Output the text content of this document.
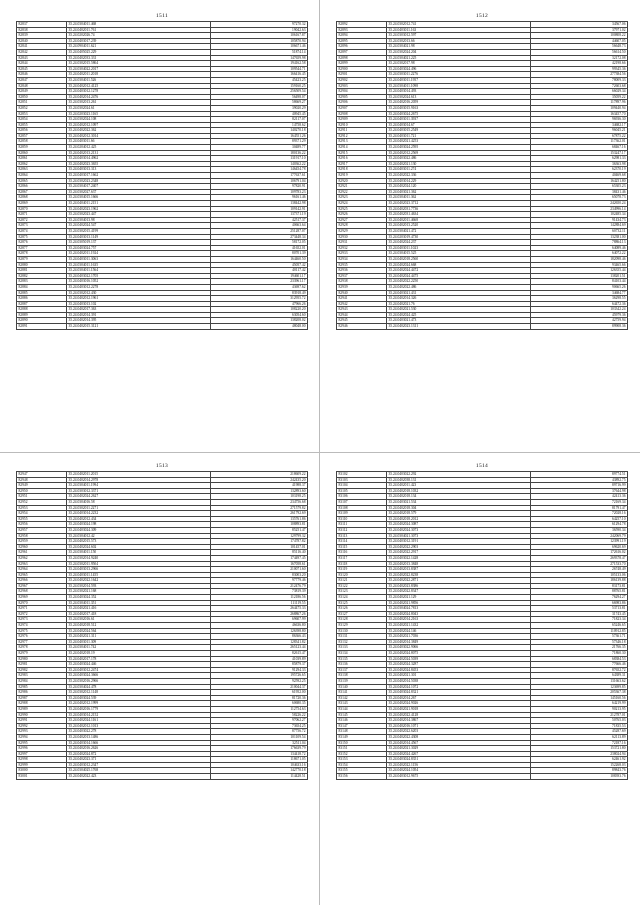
1511
82837	35.24.0304011.468	97270.32
82838	35.24.0402011.761	19042.63
82839	35.24.0202026.74	106167.87
82840	35.24.0403017.239	105870.94
82841	35.24.0904011.621	106671.46
82842	35.24.0405025.229	51874.14
82843	35.24.0402033.331	147659.98
82844	35.24.0302015.5864	194162.58
82845	35.24.0304022.2017	109544.71
82846	35.24.0402011.2018	166416.45
82847	35.24.0304011.526	45423.25
82848	35.24.0402012.4125	159160.25
82849	35.24.0403012.1278	256509.54
82850	35.24.0402014.2476	56498.07
82851	35.24.0302013.261	58669.27
82852	35.24.0302024.61	39020.29
82853	35.24.0203023.1165	40945.45
82854	35.24.0302024.108	82117.07
82855	35.24.0402012.1097	14758.62
82856	35.24.0402022.362	140270.18
82857	35.24.0402012.3014	164551.26
82858	35.24.0403011.66	89371.29
82859	35.24.0204012.425	30489.77
82860	35.24.0402013.2131	180136.22
82861	35.24.0403014.4962	131917.10
82862	35.24.0402023.3655	140362.22
82863	35.24.0403013.313	146454.78
82864	35.24.0403017.1662	177637.61
82865	35.24.0302023.2348	106791.04
82866	35.24.0304017.2407	97820.91
82867	35.24.0302027.637	109783.23
82868	35.24.0304015.1666	96161.46
82869	35.24.0404011.2151	138442.98
82870	35.24.0402023.1962	109142.91
82871	35.24.0302023.447	137371.19
82872	35.24.0304013.98	42517.37
82873	35.24.0402024.547	40663.64
82874	35.24.0302015.4199	251287.07
82875	35.24.0403013.1149	273448.34
82876	35.24.0305019.137	58172.05
82877	35.24.0403024.757	41652.01
82878	35.24.0402011.1924	80701.39
82879	35.24.0403011.3063	164460.50
82880	35.24.0304011.1635	45057.42
82881	35.24.0304011.1564	40117.42
82882	35.24.0403022.1705	194601.17
82883	35.24.0403016.1052	233961.17
82884	35.24.0403012.2278	43697.62
82885	35.24.0302012.430	83918.49
82886	35.24.0402012.1961	312955.72
82887	35.24.0403013.102	47966.26
82888	35.24.0402017.363	108220.20
82889	35.24.0402014.391	63054.60
82890	35.24.0402014.395	138208.02
82891	35.24.0402015.3121	48048.00
1512
82892	35.24.0302012.741	34567.06
82893	35.24.0403011.163	37971.02
82894	35.24.0303012.597	100808.22
82895	35.24.0302013.66	44607.05
82896	35.24.0304021.98	56648.73
82897	35.24.0302024.204	56614.50
82898	35.24.0304021.225	32172.08
82899	35.24.0302017.98	42198.66
82900	35.24.0403024.496	99345.36
82901	35.24.0303011.2276	277384.56
82902	35.24.0403011.1957	78009.33
82903	35.24.0304011.1098	72603.68
82904	35.24.0403014.493	66029.34
82905	35.24.0302024.613	35059.22
82906	35.24.0402016.2059	117897.96
82907	35.24.0403015.9163	109440.94
82908	35.24.0403024.2675	163457.70
82909	35.24.0403011.3937	96936.30
82910	35.24.0403014.67	34682.17
82911	35.24.0403015.2549	96045.21
82912	35.24.0403011.721	67875.22
82913	35.24.0402021.4253	117362.01
82914	35.24.0403024.2595	68467.16
82915	35.24.0402012.2569	153247.17
82916	35.24.0403022.486	62981.33
82917	35.24.0402021.130	36363.98
82918	35.24.0403011.274	62370.19
82919	35.24.0402022.336	40469.68
82920	35.24.0403014.229	164251.80
82921	35.24.0402024.120	65305.23
82922	35.24.0403021.362	38431.46
82923	35.24.0304011.362	65078.73
82924	35.24.0402023.3712	242650.24
82925	35.24.0402031.7736	234996.14
82926	35.24.0402031.4634	102485.34
82927	35.24.0402011.4668	91434.73
82928	35.24.0402013.2520	142884.69
82929	35.24.0304021.472	60732.11
82930	35.24.0203019.4730	132381.00
82931	35.24.0402024.237	78864.13
82932	35.24.0403011.1023	64089.46
82933	35.24.0304015.525	64072.22
82934	35.24.0402018.2560	182098.46
82935	35.24.0402024.668	93465.66
82936	35.24.0402024.4472	126355.44
82937	35.24.0402024.4475	138201.51
82938	35.24.0402022.2250	84103.44
82939	35.24.0402022.486	90665.26
82940	35.24.0403021.431	34684.77
82941	35.24.0402014.326	36298.55
82942	35.24.0402021.76	64472.36
82943	35.24.0402021.530	103342.24
82944	35.24.0402024.425	45979.36
82945	35.24.0403021.473	42759.94
82946	35.24.0402023.1311	89908.36
1513
82947	35.24.0402011.2015	218609.22
82948	35.24.0402014.2978	242435.20
82949	35.24.0304011.1994	41988.37
82950	35.24.0303012.3371	132893.60
82951	35.24.0402024.2627	103198.25
82952	35.24.0304016.58	234756.68
82953	35.24.0302011.2271	271579.82
82954	35.24.0403014.2232	261792.69
82955	35.24.0402012.434	135761.86
82956	35.24.0403024.198	108893.81
82957	35.24.0403024.309	85251.47
82958	35.24.0304012.42	129799.32
82959	35.24.0402015.573	174787.82
82960	35.24.0402024.602	101457.01
82961	35.24.0304011.150	85116.40
82962	35.24.0302014.9240	174497.45
82963	35.24.0302011.9504	167058.61
82964	35.24.0403013.2966	210071.60
82965	35.24.0403011.1455	83003.20
82966	35.24.0402022.1642	97779.46
82967	35.24.0302014.593	212476.79
82968	35.24.0302021.168	73819.39
82969	35.24.0403024.352	112186.56
82970	35.24.0304011.351	111119.55
82971	35.24.0402021.416	264475.33
82972	35.24.0402017.418	268867.26
82973	35.24.0302016.61	69607.99
82974	35.24.0402018.512	46636.80
82975	35.24.0402024.564	126398.80
82976	35.24.0402021.311	86366.43
82977	35.24.0403011.309	128341.82
82978	35.24.0304011.742	265123.44
82979	35.24.0402018.19	82615.47
82980	35.24.0402017.178	41039.89
82981	35.24.0403024.446	85879.37
82982	35.24.0403012.2474	91294.33
82983	35.24.0403024.3666	195726.65
82984	35.24.0302016.2966	92592.25
82985	35.24.0304024.478	210044.37
82986	35.24.0302012.1148	61952.00
82987	35.24.0403024.539	81720.36
82988	35.24.0402012.1999	60680.35
82989	35.24.0402016.1779	112754.63
82990	35.24.0403014.2152	58226.22
82991	35.24.0402024.1161	97062.27
82992	35.24.0402012.1013	73654.25
82993	35.24.0403022.278	87756.72
82994	35.24.0402013.1486	101109.54
82995	35.24.0403014.1666	32511.04
82996	35.24.0402016.2626	176639.79
82997	35.24.0402024.872	134418.72
82998	35.24.0402023.371	118671.05
82999	35.24.0403012.2347	104633.16
83000	35.24.0304025.1768	142770.18
83001	35.24.0402022.423	114428.51
1514
83102	35.24.0403022.292	89774.51
83103	35.24.0402038.131	43892.75
83104	35.24.0402011.423	89716.99
83105	35.24.0402018.1032	37644.98
83106	35.24.0402018.134	42413.36
83107	35.24.0403021.534	72169.34
83108	35.24.0402018.304	81791.47
83109	35.24.0402018.579	72028.16
83110	35.24.0402018.2012	64257.10
83111	35.24.0402024.3087	61294.78
83112	35.24.0402024.3073	36590.34
83113	35.24.0304021.3073	242069.79
83114	35.24.0403012.3191	123991.19
83115	35.24.0402022.2903	69620.69
83116	35.24.0402022.2917	172616.02
83117	35.24.0403022.1428	269378.47
83118	35.24.0402013.3848	271533.70
83119	35.24.0402013.8387	26748.49
83120	35.24.0402022.8238	105133.06
83121	35.24.0402022.2871	186139.88
83122	35.24.0402023.8386	83173.81
83123	35.24.0402022.8347	88765.81
83124	35.24.0402021.129	76294.27
83125	35.24.0402021.9856	66983.86
83126	35.24.0304024.7813	53713.81
83127	35.24.0402024.8043	31743.45
83128	35.24.0402014.2163	71823.34
83129	35.24.0402021.1432	65246.65
83130	35.24.0402024.146	110912.85
83131	35.24.0402021.7036	57361.71
83132	35.24.0402014.3849	57346.18
83133	35.24.0403022.9066	21766.35
83134	35.24.0402024.8075	71860.30
83135	35.24.0402024.5039	68384.53
83136	35.24.0402024.3287	77666.46
83137	35.24.0402024.8453	87652.72
83138	35.24.0402021.301	64389.31
83139	35.24.0402014.5038	131663.62
83140	35.24.0402024.1072	123699.85
83141	35.24.0403024.8321	205367.38
83142	35.24.0402014.267	145160.56
83143	35.24.0402024.9026	64219.99
83144	35.24.0402021.9018	90213.95
83145	35.24.0402022.4128	212787.01
83146	35.24.0402014.3867	50765.03
83147	35.24.0402016.1071	71835.53
83148	35.24.0402022.6203	45287.69
83149	35.24.0402022.4308	62113.89
83150	35.24.0402014.4567	72187.16
83151	35.24.0402021.3029	153721.80
83152	35.24.0402024.4267	238024.94
83153	35.24.0403024.8351	62461.92
83154	35.24.0402022.1156	152268.03
83155	35.24.0402024.1054	89843.76
83156	35.24.0403012.9675	108393.76
